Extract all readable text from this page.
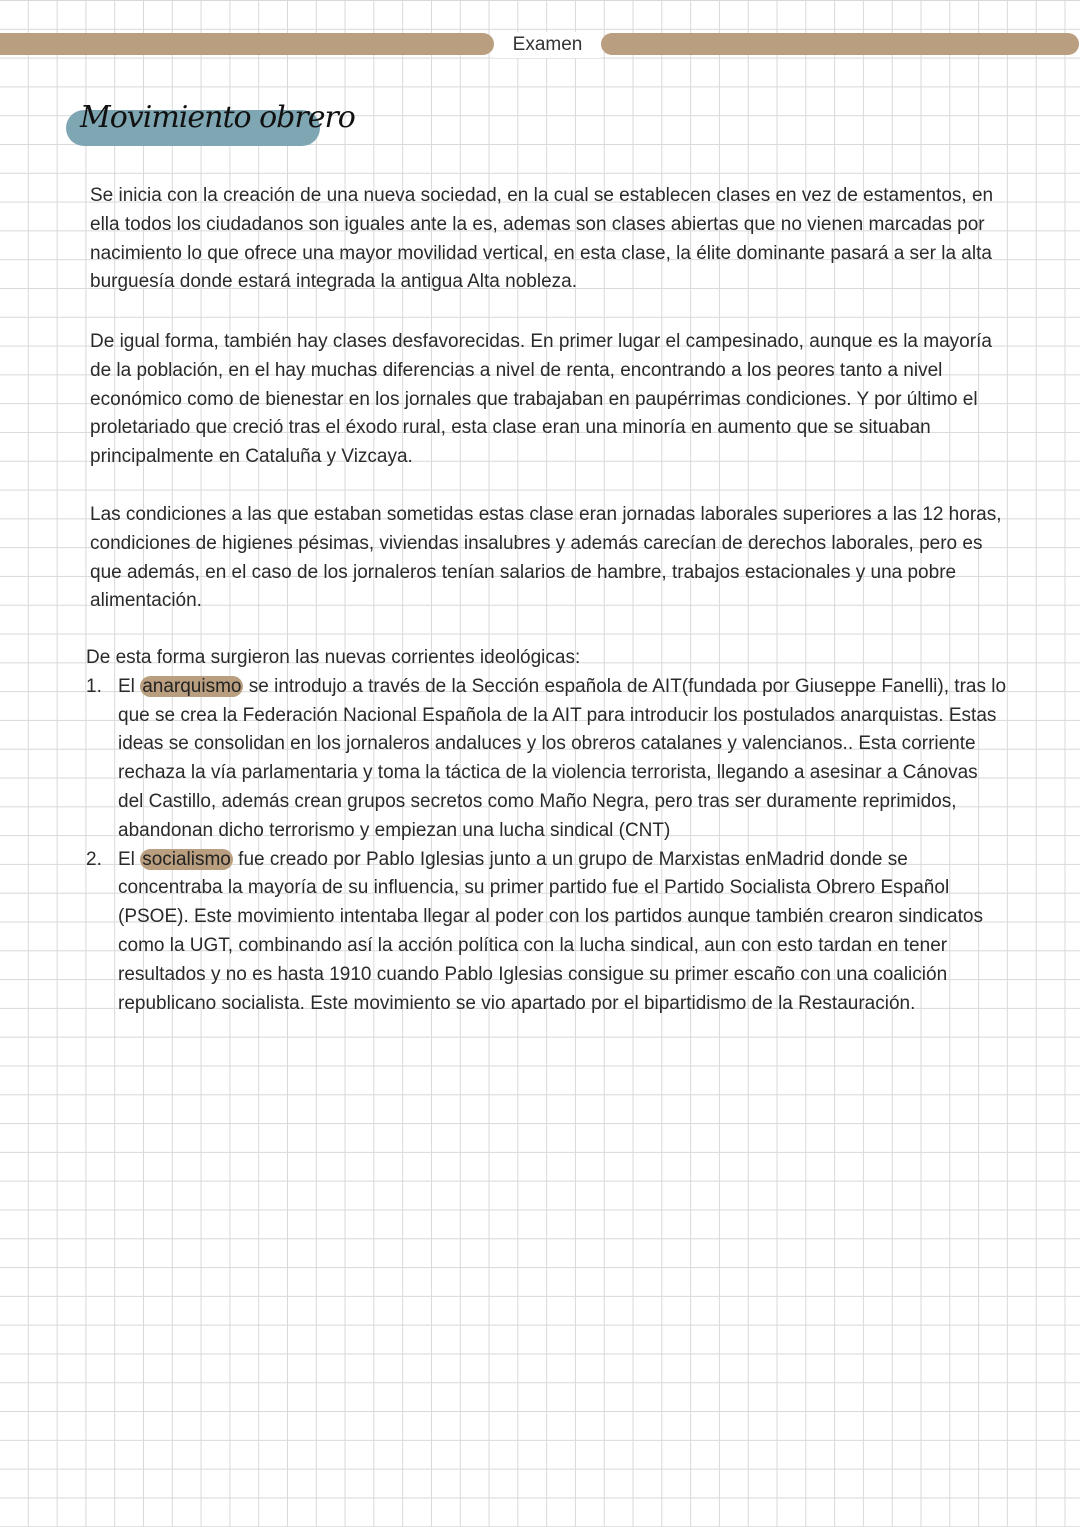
Examen
Movimiento obrero
Se inicia con la creación de una nueva sociedad, en la cual se establecen clases en vez de estamentos, en
ella todos los ciudadanos son iguales ante la es, ademas son clases abiertas que no vienen marcadas por
nacimiento lo que ofrece una mayor movilidad vertical, en esta clase, la élite dominante pasará a ser la alta
burguesía donde estará integrada la antigua Alta nobleza.
De igual forma, también hay clases desfavorecidas. En primer lugar el campesinado, aunque es la mayoría
de la población, en el hay muchas diferencias a nivel de renta, encontrando a los peores tanto a nivel
económico como de bienestar en los jornales que trabajaban en paupérrimas condiciones. Y por último el
proletariado que creció tras el éxodo rural, esta clase eran una minoría en aumento que se situaban
principalmente en Cataluña y Vizcaya.
Las condiciones a las que estaban sometidas estas clase eran jornadas laborales superiores a las 12 horas,
condiciones de higienes pésimas, viviendas insalubres y además carecían de derechos laborales, pero es
que además, en el caso de los jornaleros tenían salarios de hambre, trabajos estacionales y una pobre
alimentación.
De esta forma surgieron las nuevas corrientes ideológicas:
1. El anarquismo se introdujo a través de la Sección española de AIT(fundada por Giuseppe Fanelli), tras lo
que se crea la Federación Nacional Española de la AIT para introducir los postulados anarquistas. Estas
ideas se consolidan en los jornaleros andaluces y los obreros catalanes y valencianos.. Esta corriente
rechaza la vía parlamentaria y toma la táctica de la violencia terrorista, llegando a asesinar a Cánovas
del Castillo, además crean grupos secretos como Maño Negra, pero tras ser duramente reprimidos,
abandonan dicho terrorismo y empiezan una lucha sindical (CNT)
2. El socialismo fue creado por Pablo Iglesias junto a un grupo de Marxistas enMadrid donde se
concentraba la mayoría de su influencia, su primer partido fue el Partido Socialista Obrero Español
(PSOE). Este movimiento intentaba llegar al poder con los partidos aunque también crearon sindicatos
como la UGT, combinando así la acción política con la lucha sindical, aun con esto tardan en tener
resultados y no es hasta 1910 cuando Pablo Iglesias consigue su primer escaño con una coalición
republicano socialista. Este movimiento se vio apartado por el bipartidismo de la Restauración.
